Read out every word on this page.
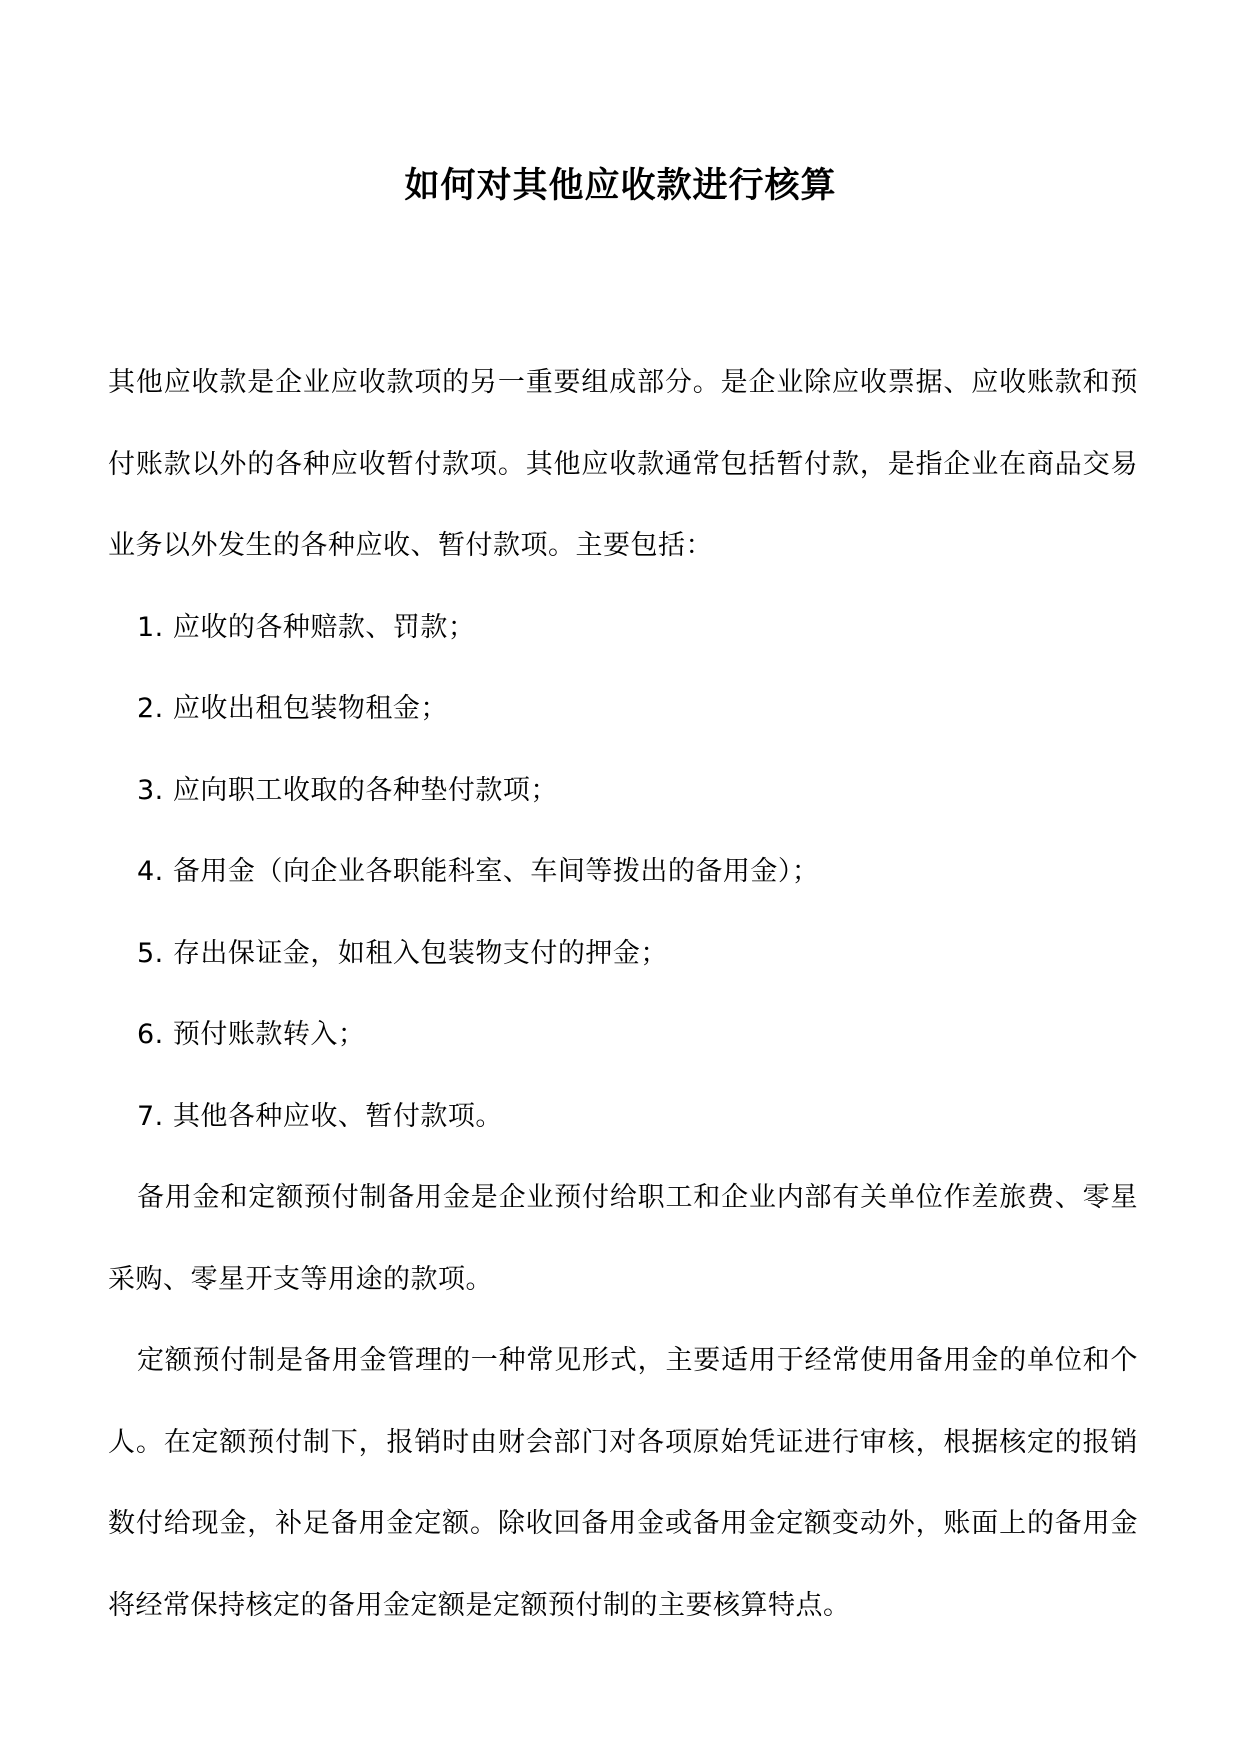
如何对其他应收款进行核算

其他应收款是企业应收款项的另一重要组成部分。是企业除应收票据、应收账款和预付账款以外的各种应收暂付款项。其他应收款通常包括暂付款，是指企业在商品交易业务以外发生的各种应收、暂付款项。主要包括：

1. 应收的各种赔款、罚款；

2. 应收出租包装物租金；

3. 应向职工收取的各种垫付款项；

4. 备用金（向企业各职能科室、车间等拨出的备用金）；

5. 存出保证金，如租入包装物支付的押金；

6. 预付账款转入；

7. 其他各种应收、暂付款项。

备用金和定额预付制备用金是企业预付给职工和企业内部有关单位作差旅费、零星采购、零星开支等用途的款项。

定额预付制是备用金管理的一种常见形式，主要适用于经常使用备用金的单位和个人。在定额预付制下，报销时由财会部门对各项原始凭证进行审核，根据核定的报销数付给现金，补足备用金定额。除收回备用金或备用金定额变动外，账面上的备用金将经常保持核定的备用金定额是定额预付制的主要核算特点。
